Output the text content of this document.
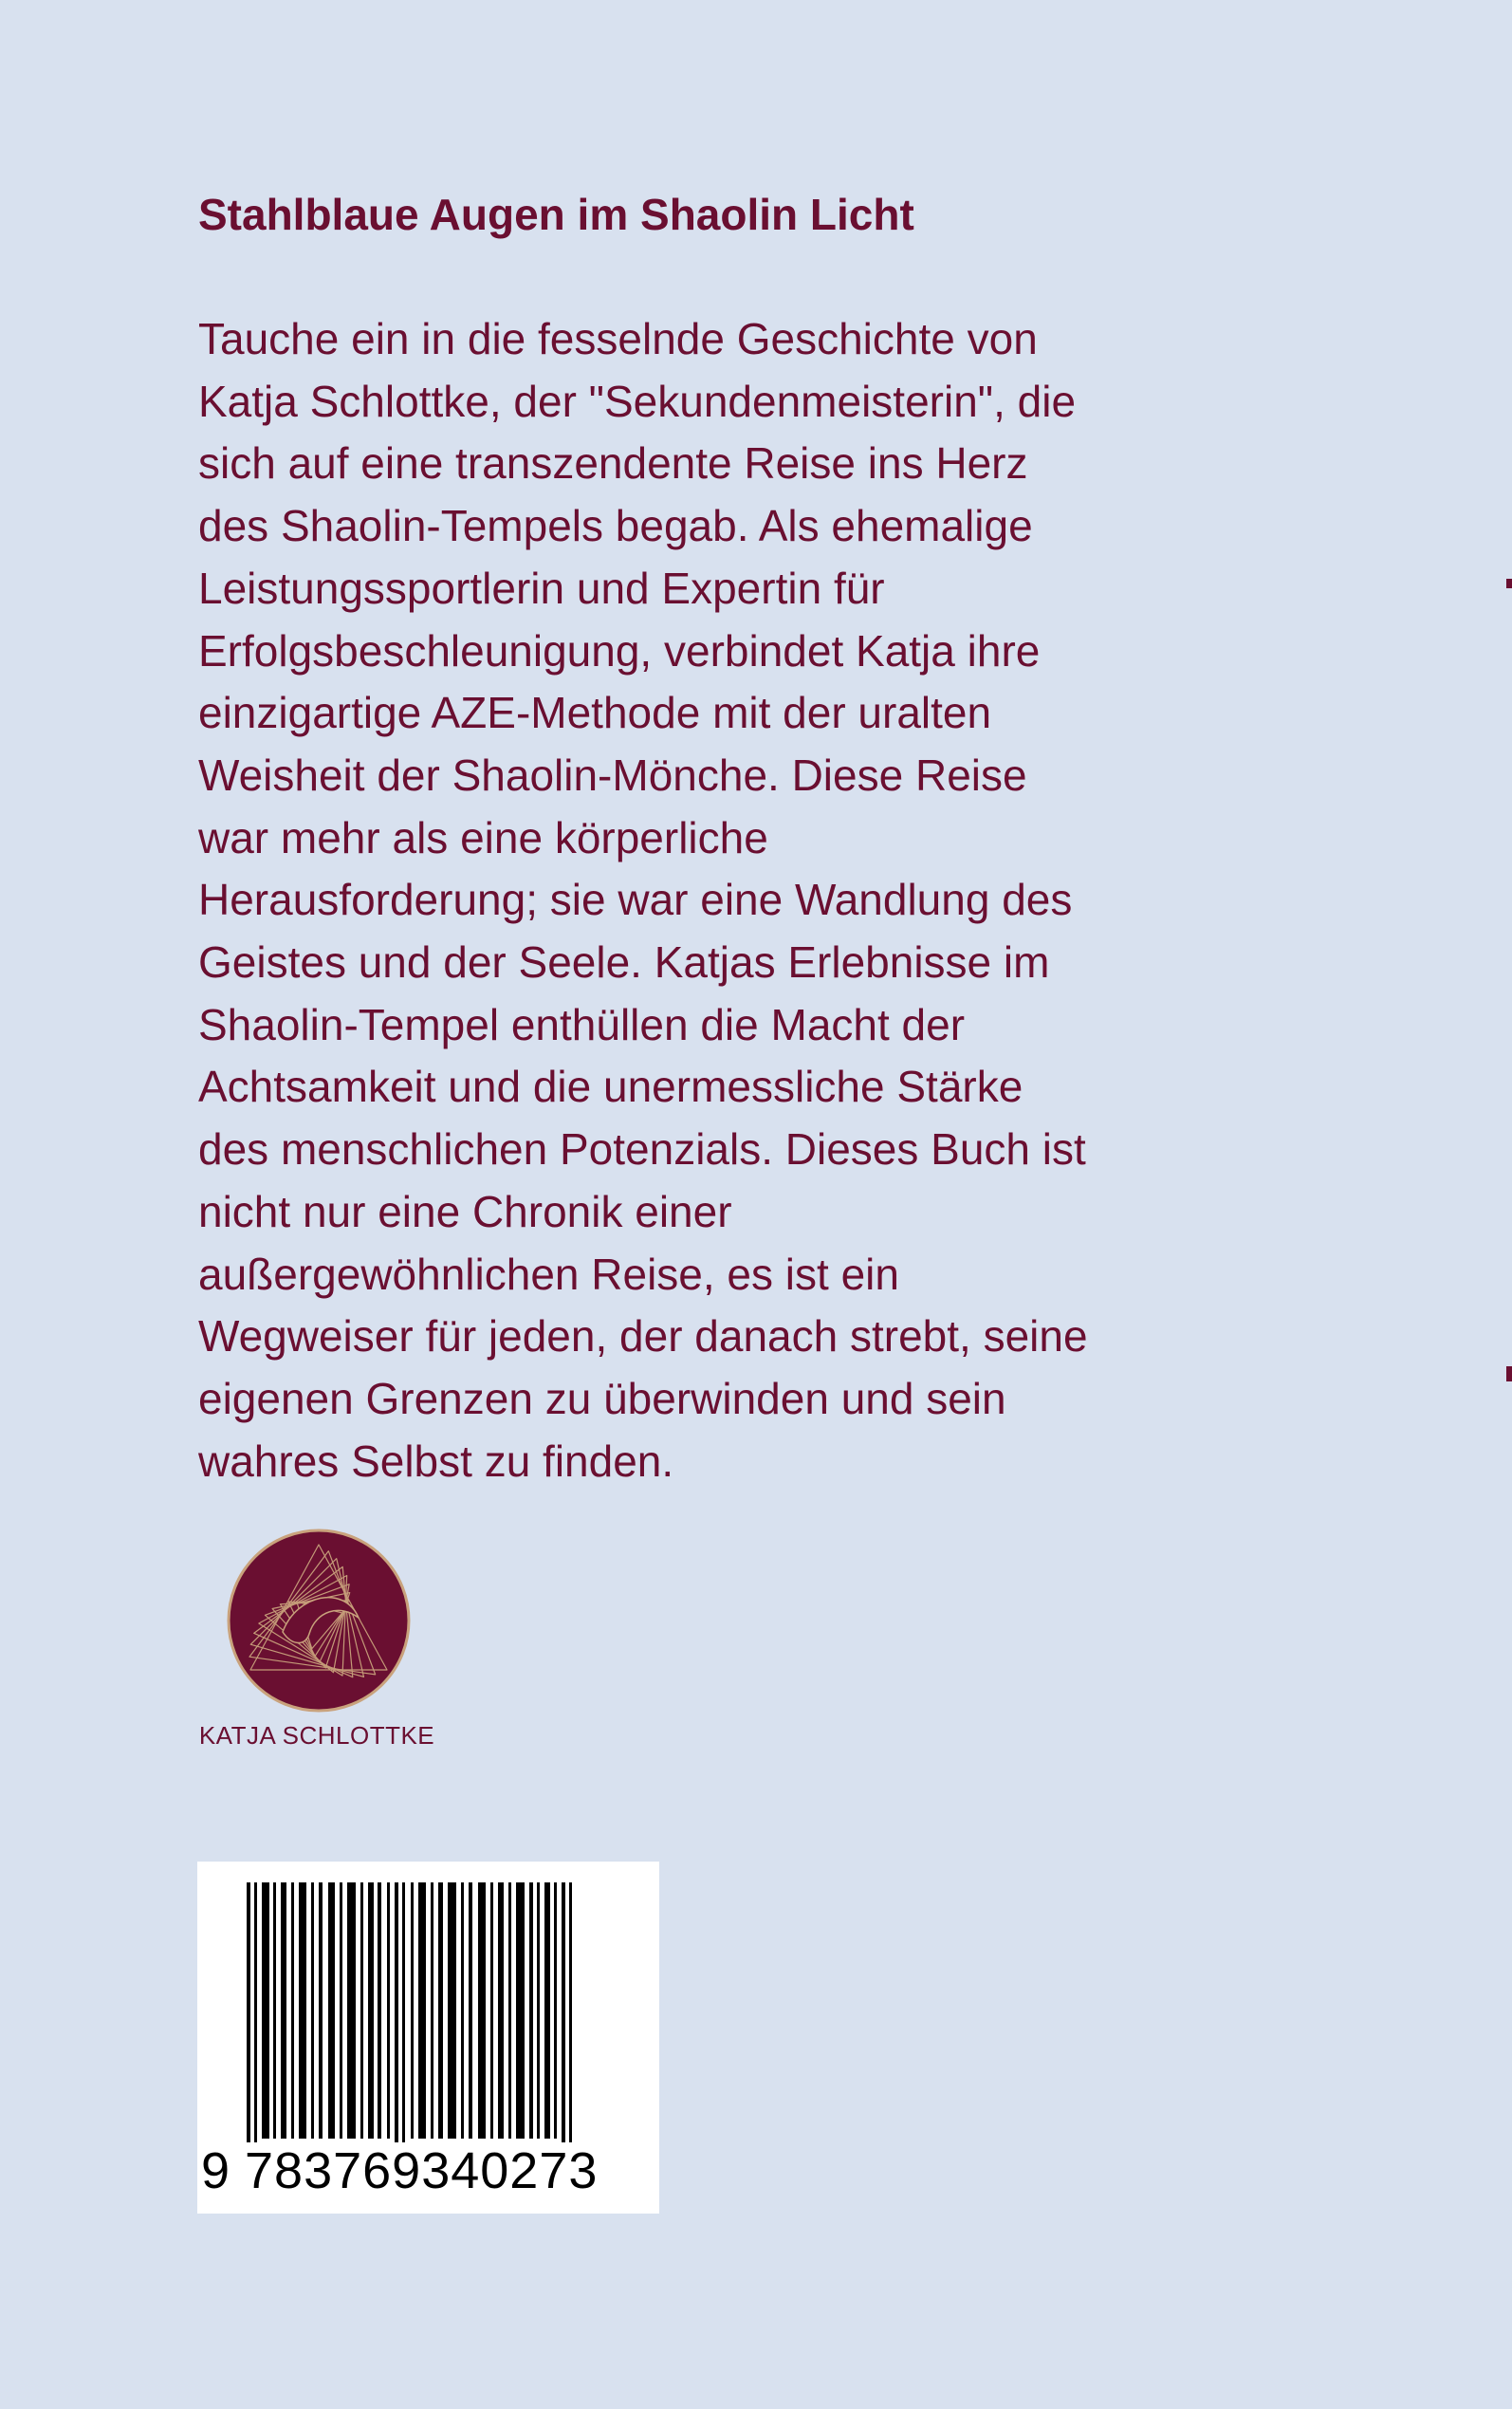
Stahlblaue Augen im Shaolin Licht
Tauche ein in die fesselnde Geschichte von
Katja Schlottke, der "Sekundenmeisterin", die
sich auf eine transzendente Reise ins Herz
des Shaolin-Tempels begab. Als ehemalige
Leistungssportlerin und Expertin für
Erfolgsbeschleunigung, verbindet Katja ihre
einzigartige AZE-Methode mit der uralten
Weisheit der Shaolin-Mönche. Diese Reise
war mehr als eine körperliche
Herausforderung; sie war eine Wandlung des
Geistes und der Seele. Katjas Erlebnisse im
Shaolin-Tempel enthüllen die Macht der
Achtsamkeit und die unermessliche Stärke
des menschlichen Potenzials. Dieses Buch ist
nicht nur eine Chronik einer
außergewöhnlichen Reise, es ist ein
Wegweiser für jeden, der danach strebt, seine
eigenen Grenzen zu überwinden und sein
wahres Selbst zu finden.
KATJA SCHLOTTKE
9 783769340273
